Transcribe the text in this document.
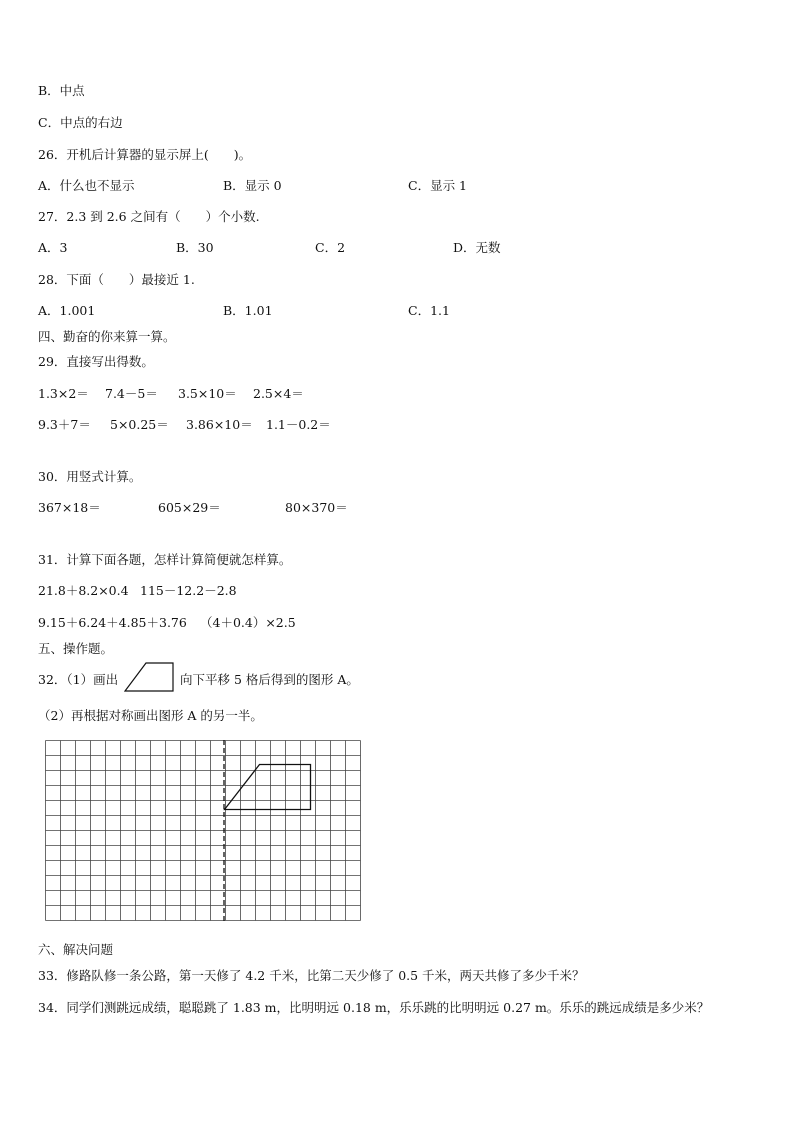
B．中点
C．中点的右边
26．开机后计算器的显示屏上(　　)。
A．什么也不显示	B．显示 0	C．显示 1
27．2.3 到 2.6 之间有（　　）个小数.
A．3	B．30	C．2	D．无数
28．下面（　　）最接近 1.
A．1.001	B．1.01	C．1.1
四、勤奋的你来算一算。
29．直接写出得数。
1.3×2＝ 7.4－5＝ 3.5×10＝ 2.5×4＝
9.3＋7＝ 5×0.25＝ 3.86×10＝ 1.1－0.2＝
30．用竖式计算。
367×18＝	605×29＝	80×370＝
31．计算下面各题，怎样计算简便就怎样算。
21.8＋8.2×0.4 115－12.2－2.8
9.15＋6.24＋4.85＋3.76 （4＋0.4）×2.5
五、操作题。
32．（1）画出	向下平移 5 格后得到的图形 A。
（2）再根据对称画出图形 A 的另一半。
六、解决问题
33．修路队修一条公路，第一天修了 4.2 千米，比第二天少修了 0.5 千米，两天共修了多少千米？
34．同学们测跳远成绩，聪聪跳了 1.83 m，比明明远 0.18 m，乐乐跳的比明明远 0.27 m。乐乐的跳远成绩是多少米？
